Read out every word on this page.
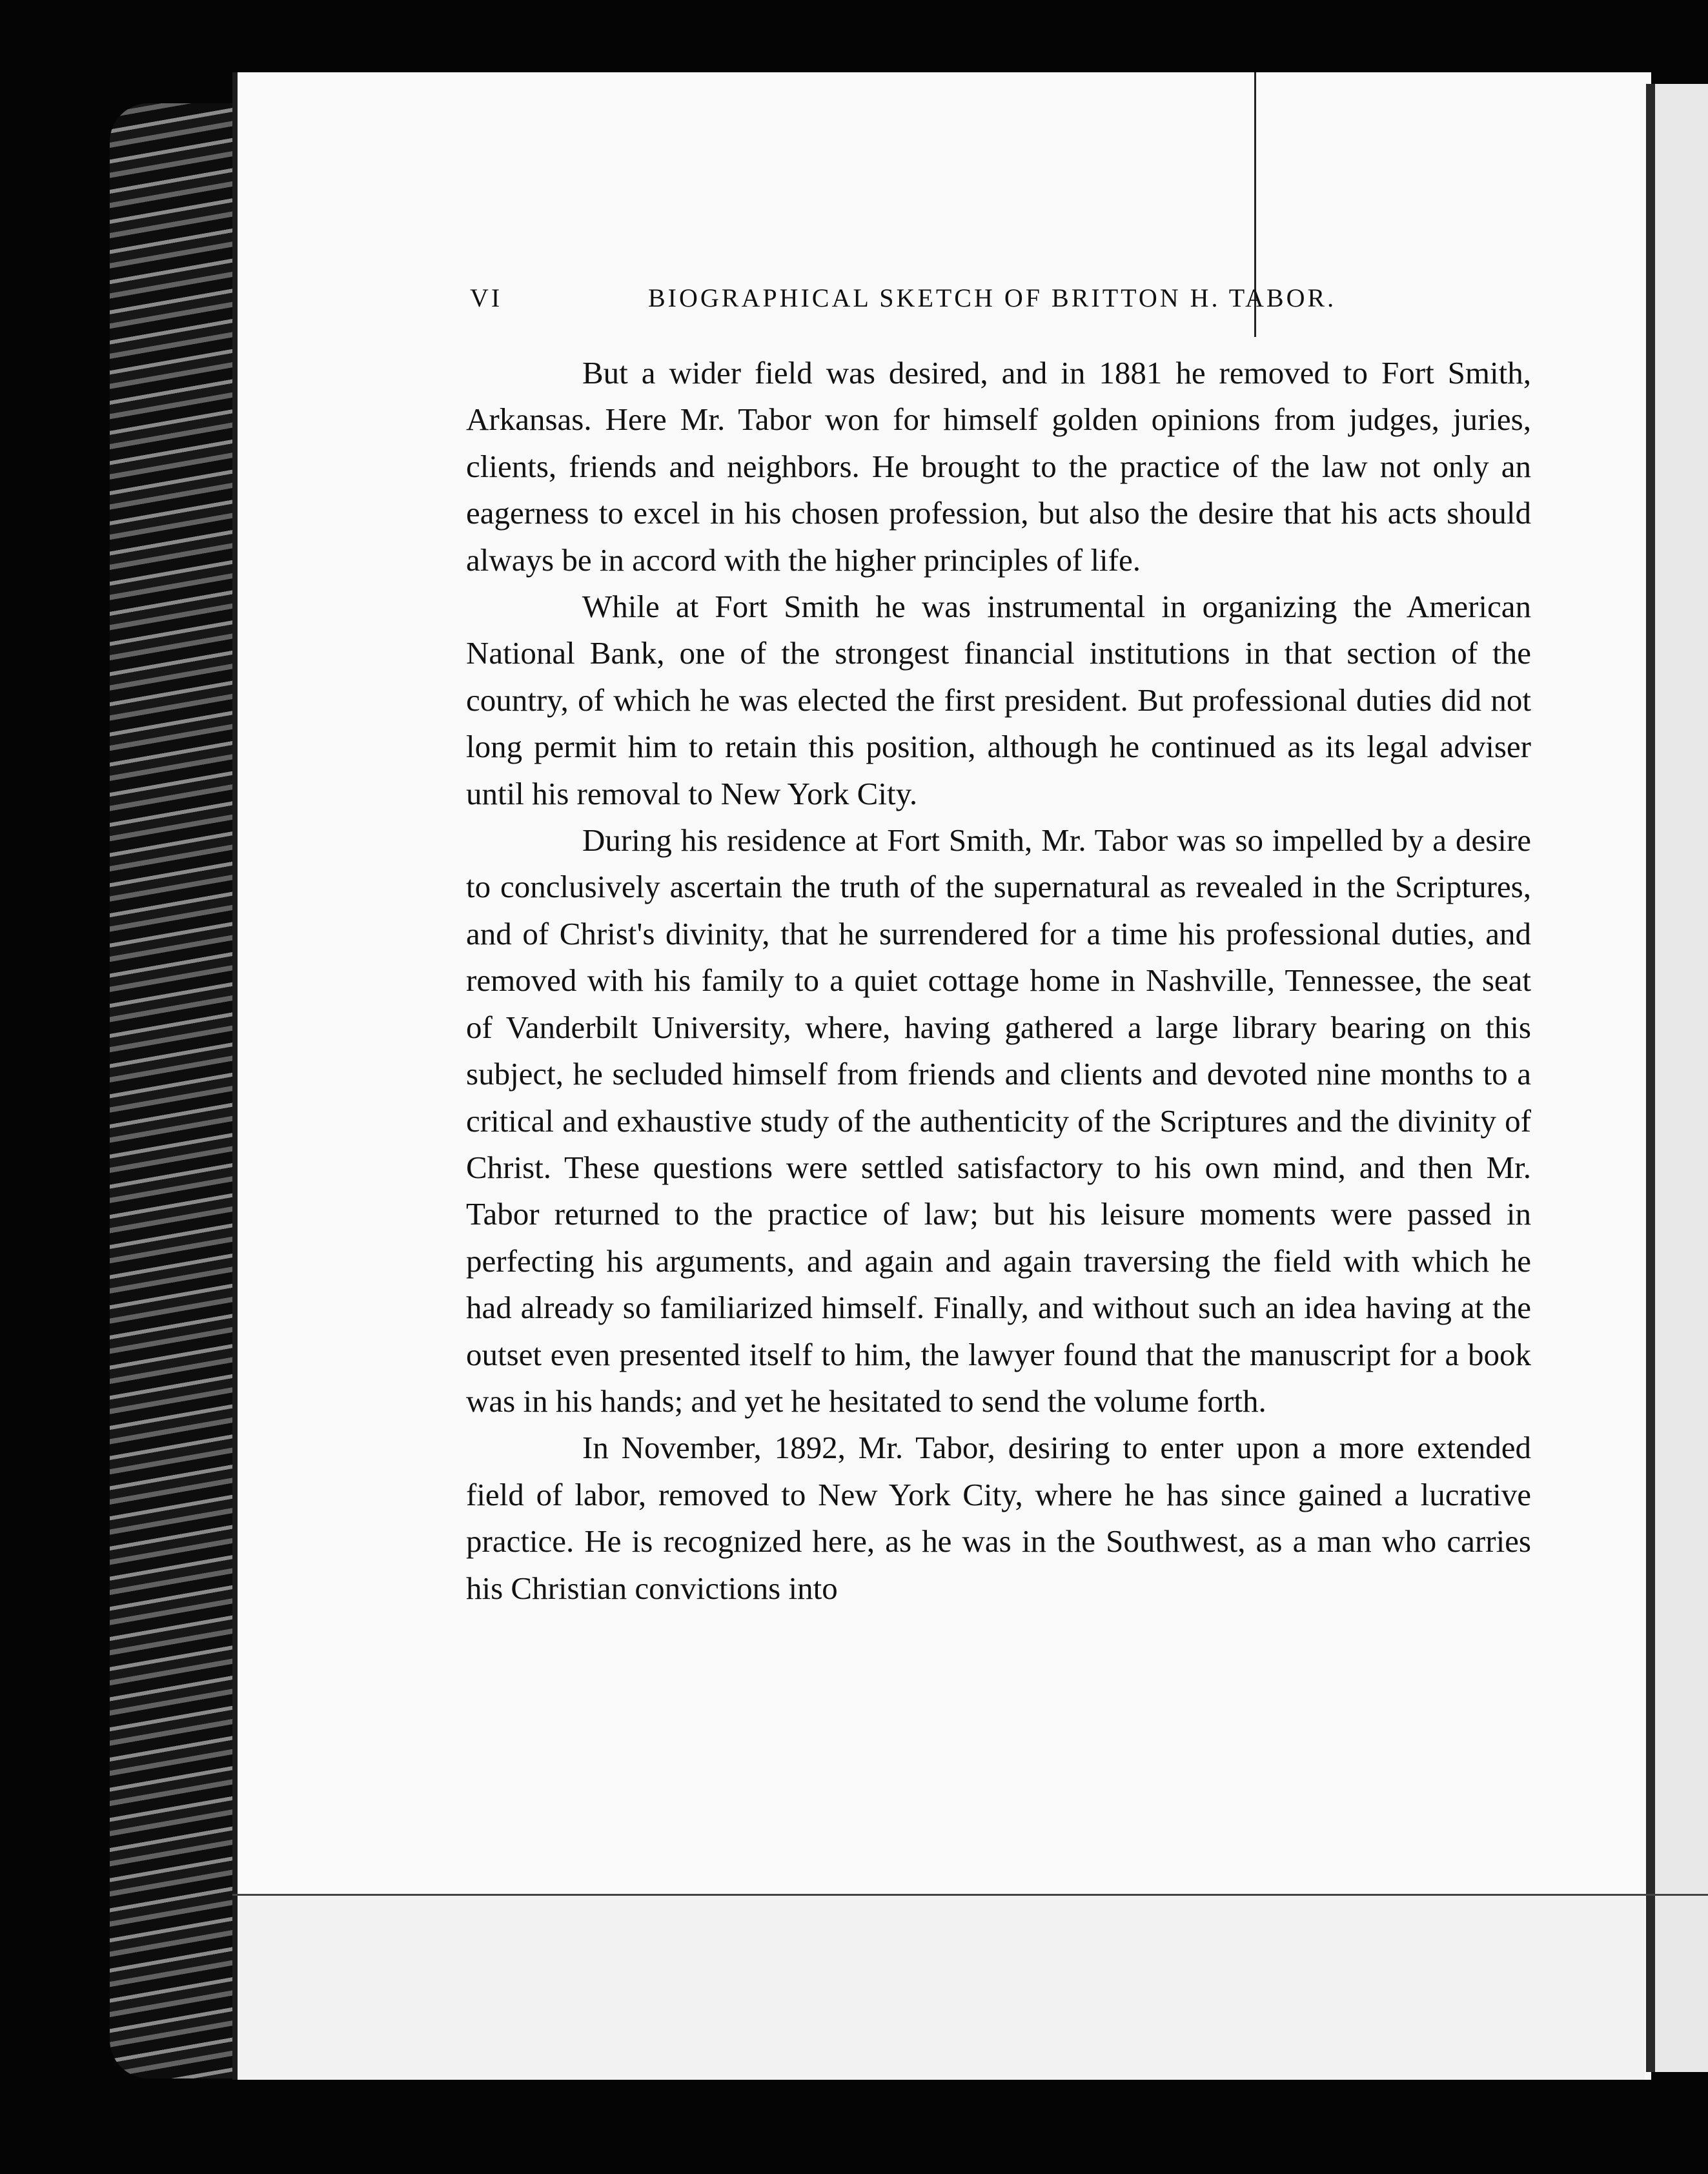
VI	BIOGRAPHICAL SKETCH OF BRITTON H. TABOR.

But a wider field was desired, and in 1881 he removed to Fort Smith, Arkansas. Here Mr. Tabor won for himself golden opinions from judges, juries, clients, friends and neighbors. He brought to the practice of the law not only an eagerness to excel in his chosen profession, but also the desire that his acts should always be in accord with the higher principles of life.

While at Fort Smith he was instrumental in organizing the American National Bank, one of the strongest financial institutions in that section of the country, of which he was elected the first president. But professional duties did not long permit him to retain this position, although he continued as its legal adviser until his removal to New York City.

During his residence at Fort Smith, Mr. Tabor was so impelled by a desire to conclusively ascertain the truth of the supernatural as revealed in the Scriptures, and of Christ's divinity, that he surrendered for a time his professional duties, and removed with his family to a quiet cottage home in Nashville, Tennessee, the seat of Vanderbilt University, where, having gathered a large library bearing on this subject, he secluded himself from friends and clients and devoted nine months to a critical and exhaustive study of the authenticity of the Scriptures and the divinity of Christ. These questions were settled satisfactory to his own mind, and then Mr. Tabor returned to the practice of law; but his leisure moments were passed in perfecting his arguments, and again and again traversing the field with which he had already so familiarized himself. Finally, and without such an idea having at the outset even presented itself to him, the lawyer found that the manuscript for a book was in his hands; and yet he hesitated to send the volume forth.

In November, 1892, Mr. Tabor, desiring to enter upon a more extended field of labor, removed to New York City, where he has since gained a lucrative practice. He is recognized here, as he was in the Southwest, as a man who carries his Christian convictions into
